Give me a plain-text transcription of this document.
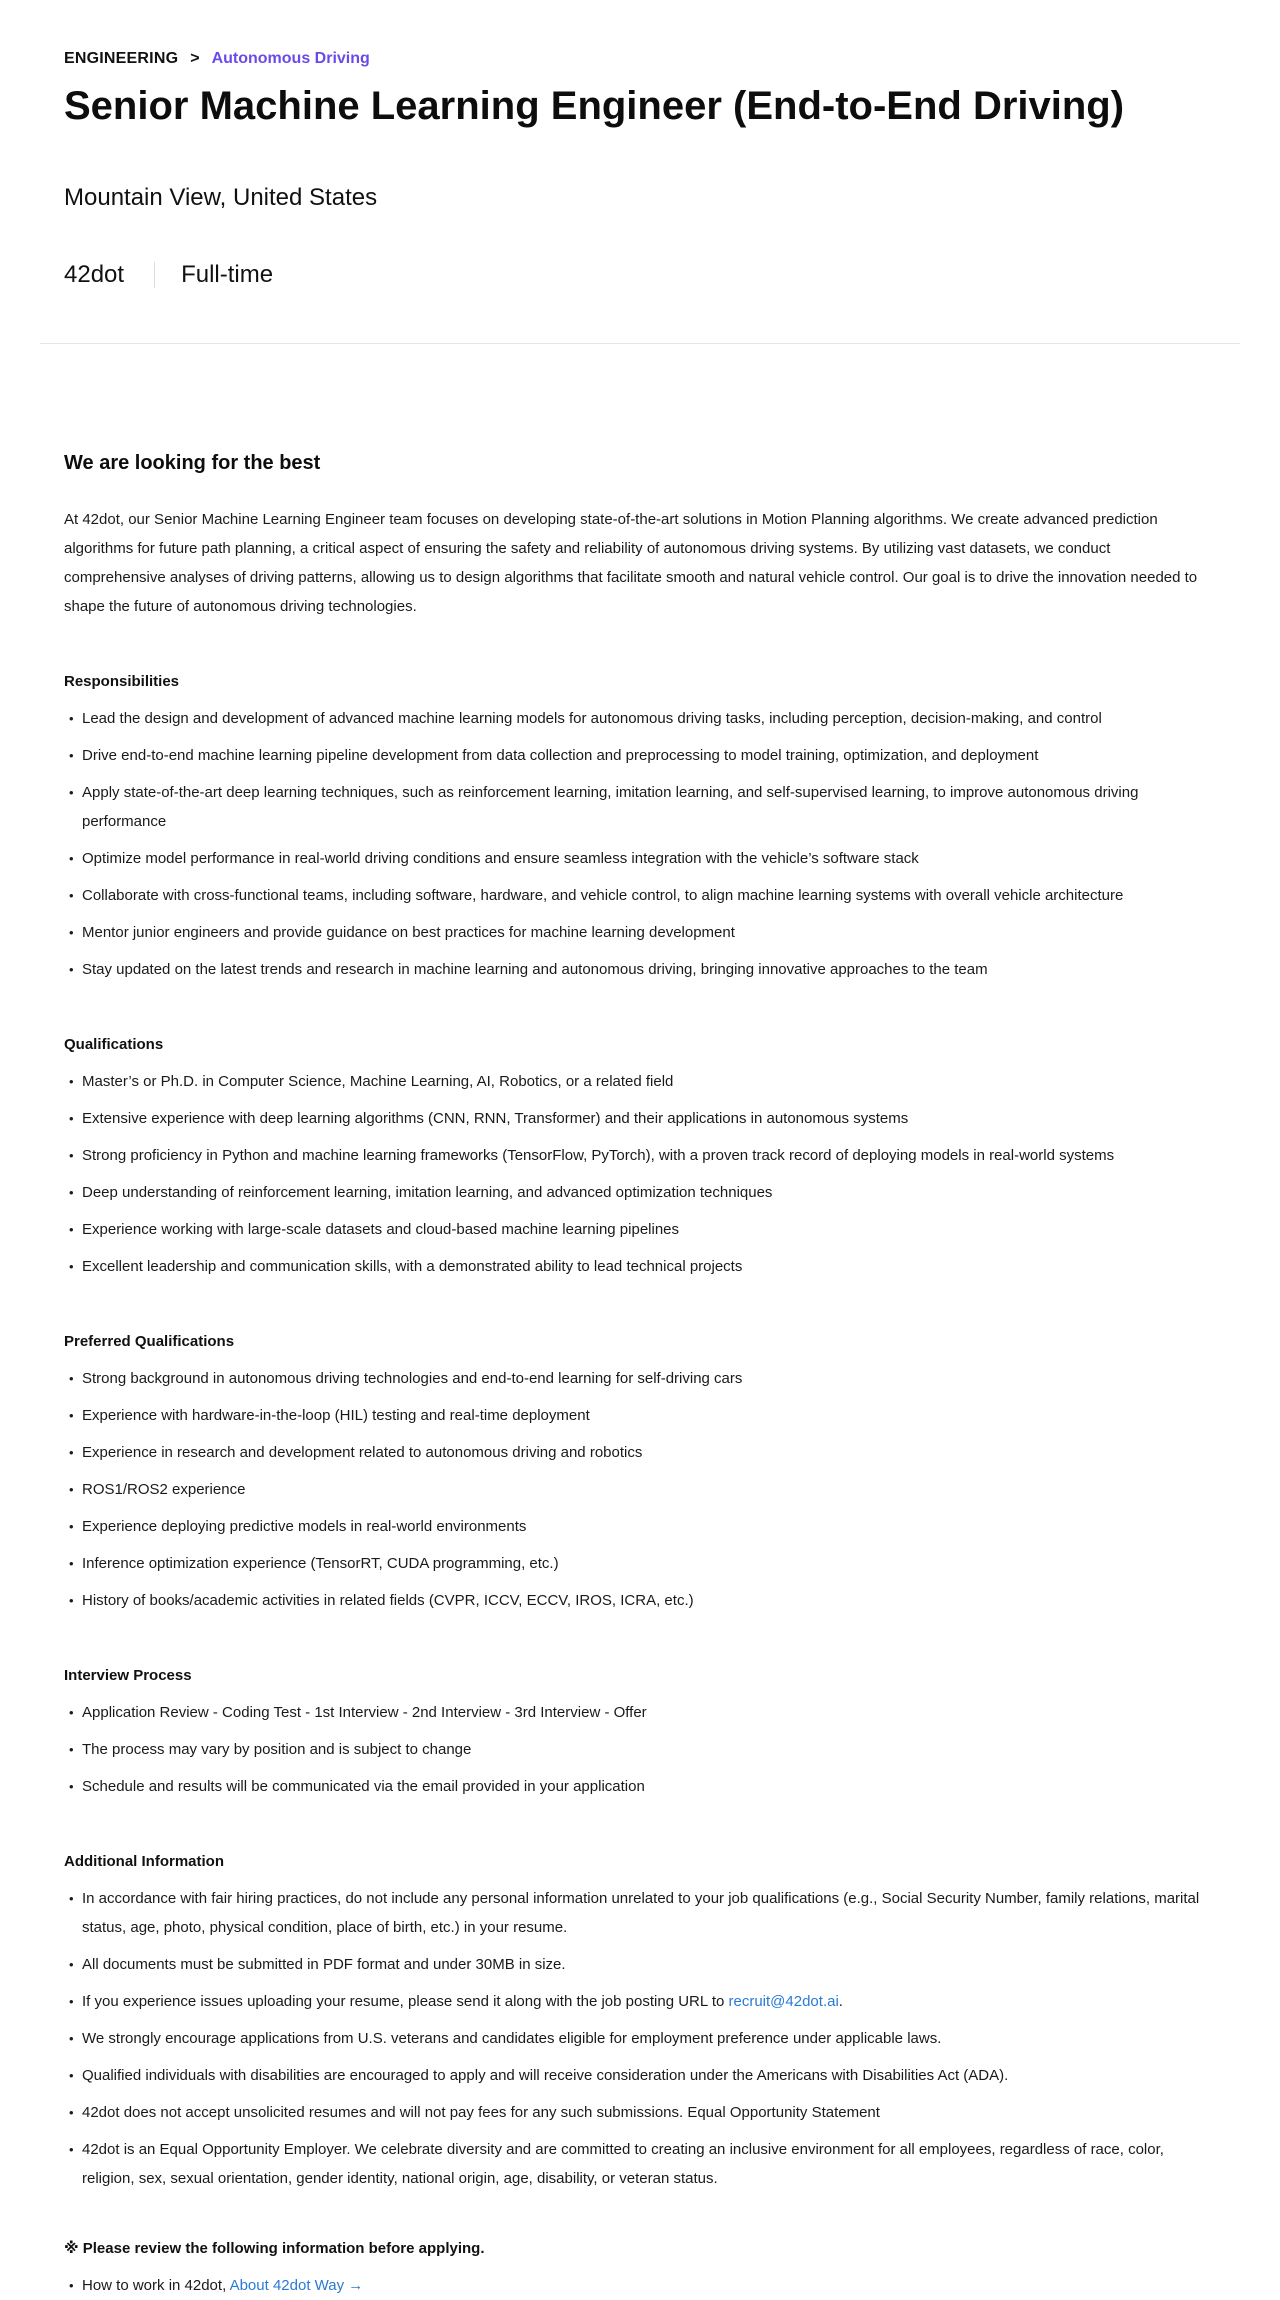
ENGINEERING > Autonomous Driving
Senior Machine Learning Engineer (End-to-End Driving)
Mountain View, United States
42dot Full-time
We are looking for the best

At 42dot, our Senior Machine Learning Engineer team focuses on developing state-of-the-art solutions in Motion Planning algorithms. We create advanced prediction algorithms for future path planning, a critical aspect of ensuring the safety and reliability of autonomous driving systems. By utilizing vast datasets, we conduct comprehensive analyses of driving patterns, allowing us to design algorithms that facilitate smooth and natural vehicle control. Our goal is to drive the innovation needed to shape the future of autonomous driving technologies.

Responsibilities
• Lead the design and development of advanced machine learning models for autonomous driving tasks, including perception, decision-making, and control
• Drive end-to-end machine learning pipeline development from data collection and preprocessing to model training, optimization, and deployment
• Apply state-of-the-art deep learning techniques, such as reinforcement learning, imitation learning, and self-supervised learning, to improve autonomous driving performance
• Optimize model performance in real-world driving conditions and ensure seamless integration with the vehicle’s software stack
• Collaborate with cross-functional teams, including software, hardware, and vehicle control, to align machine learning systems with overall vehicle architecture
• Mentor junior engineers and provide guidance on best practices for machine learning development
• Stay updated on the latest trends and research in machine learning and autonomous driving, bringing innovative approaches to the team
Qualifications
• Master’s or Ph.D. in Computer Science, Machine Learning, AI, Robotics, or a related field
• Extensive experience with deep learning algorithms (CNN, RNN, Transformer) and their applications in autonomous systems
• Strong proficiency in Python and machine learning frameworks (TensorFlow, PyTorch), with a proven track record of deploying models in real-world systems
• Deep understanding of reinforcement learning, imitation learning, and advanced optimization techniques
• Experience working with large-scale datasets and cloud-based machine learning pipelines
• Excellent leadership and communication skills, with a demonstrated ability to lead technical projects
Preferred Qualifications
• Strong background in autonomous driving technologies and end-to-end learning for self-driving cars
• Experience with hardware-in-the-loop (HIL) testing and real-time deployment
• Experience in research and development related to autonomous driving and robotics
• ROS1/ROS2 experience
• Experience deploying predictive models in real-world environments
• Inference optimization experience (TensorRT, CUDA programming, etc.)
• History of books/academic activities in related fields (CVPR, ICCV, ECCV, IROS, ICRA, etc.)
Interview Process
• Application Review - Coding Test - 1st Interview - 2nd Interview - 3rd Interview - Offer
• The process may vary by position and is subject to change
• Schedule and results will be communicated via the email provided in your application
Additional Information
• In accordance with fair hiring practices, do not include any personal information unrelated to your job qualifications (e.g., Social Security Number, family relations, marital status, age, photo, physical condition, place of birth, etc.) in your resume.
• All documents must be submitted in PDF format and under 30MB in size.
• If you experience issues uploading your resume, please send it along with the job posting URL to recruit@42dot.ai.
• We strongly encourage applications from U.S. veterans and candidates eligible for employment preference under applicable laws.
• Qualified individuals with disabilities are encouraged to apply and will receive consideration under the Americans with Disabilities Act (ADA).
• 42dot does not accept unsolicited resumes and will not pay fees for any such submissions. Equal Opportunity Statement
• 42dot is an Equal Opportunity Employer. We celebrate diversity and are committed to creating an inclusive environment for all employees, regardless of race, color, religion, sex, sexual orientation, gender identity, national origin, age, disability, or veteran status.
※ Please review the following information before applying.
• How to work in 42dot, About 42dot Way →
